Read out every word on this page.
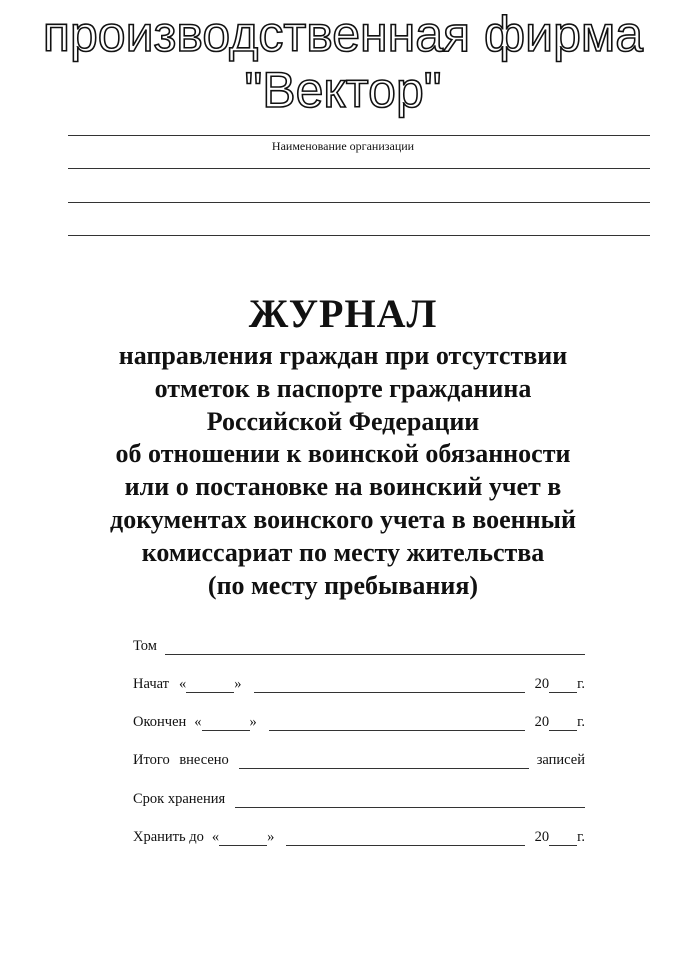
производственная фирма "Вектор"
Наименование организации
ЖУРНАЛ
направления граждан при отсутствии
отметок в паспорте гражданина
Российской Федерации
об отношении к воинской обязанности
или о постановке на воинский учет в
документах воинского учета в военный
комиссариат по месту жительства
(по месту пребывания)
Том
Начат «	»	20 г.
Окончен «	»	20 г.
Итого внесено	записей
Срок хранения
Хранить до «	»	20 г.
